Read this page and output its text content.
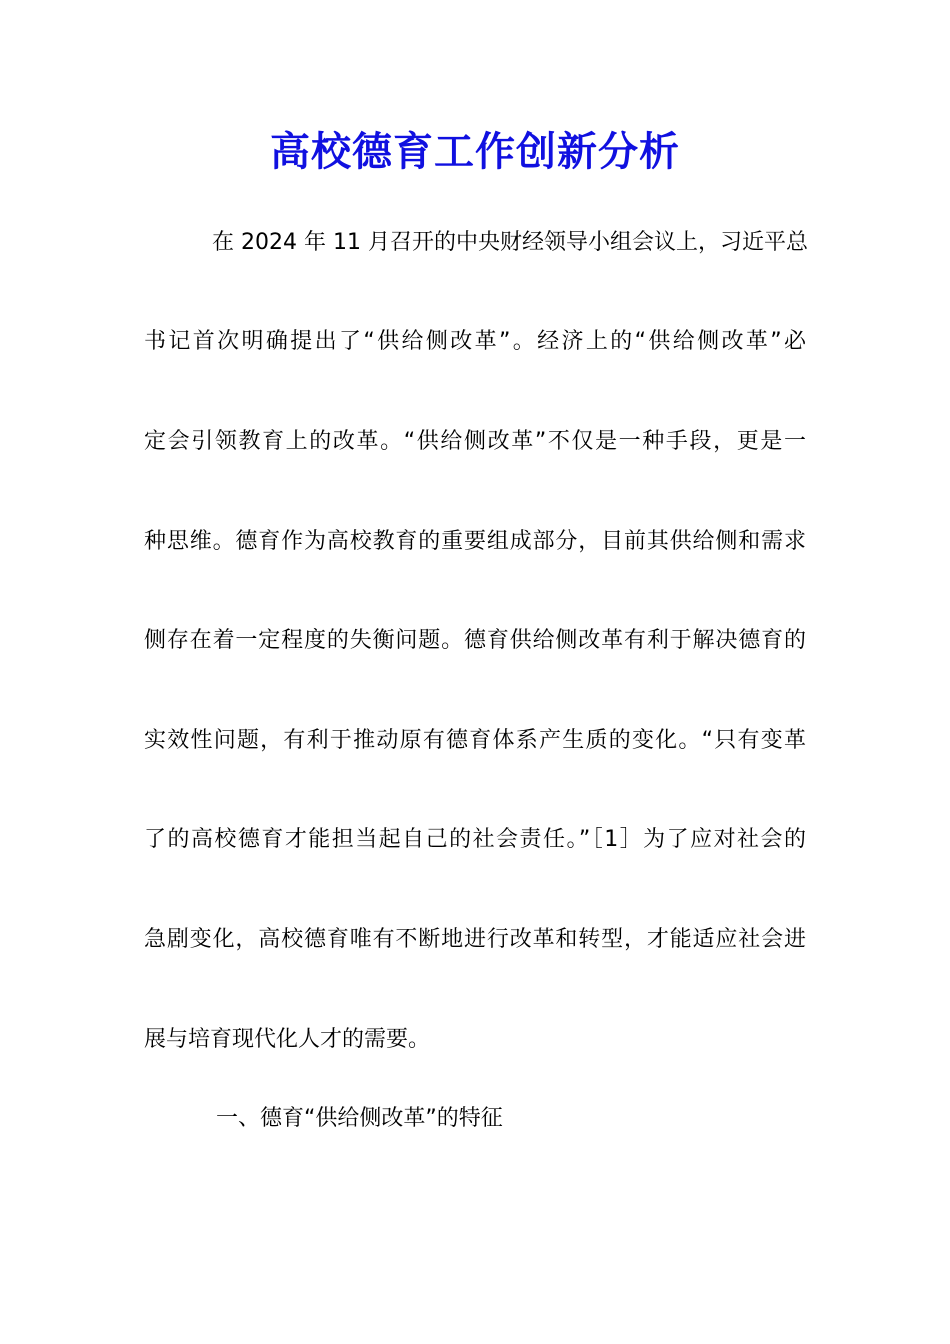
高校德育工作创新分析
在 2024 年 11 月召开的中央财经领导小组会议上，习近平总
书记首次明确提出了“供给侧改革”。经济上的“供给侧改革”必
定会引领教育上的改革。“供给侧改革”不仅是一种手段，更是一
种思维。德育作为高校教育的重要组成部分，目前其供给侧和需求
侧存在着一定程度的失衡问题。德育供给侧改革有利于解决德育的
实效性问题，有利于推动原有德育体系产生质的变化。“只有变革
了的高校德育才能担当起自己的社会责任。”［1］为了应对社会的
急剧变化，高校德育唯有不断地进行改革和转型，才能适应社会进
展与培育现代化人才的需要。
一、德育“供给侧改革”的特征
